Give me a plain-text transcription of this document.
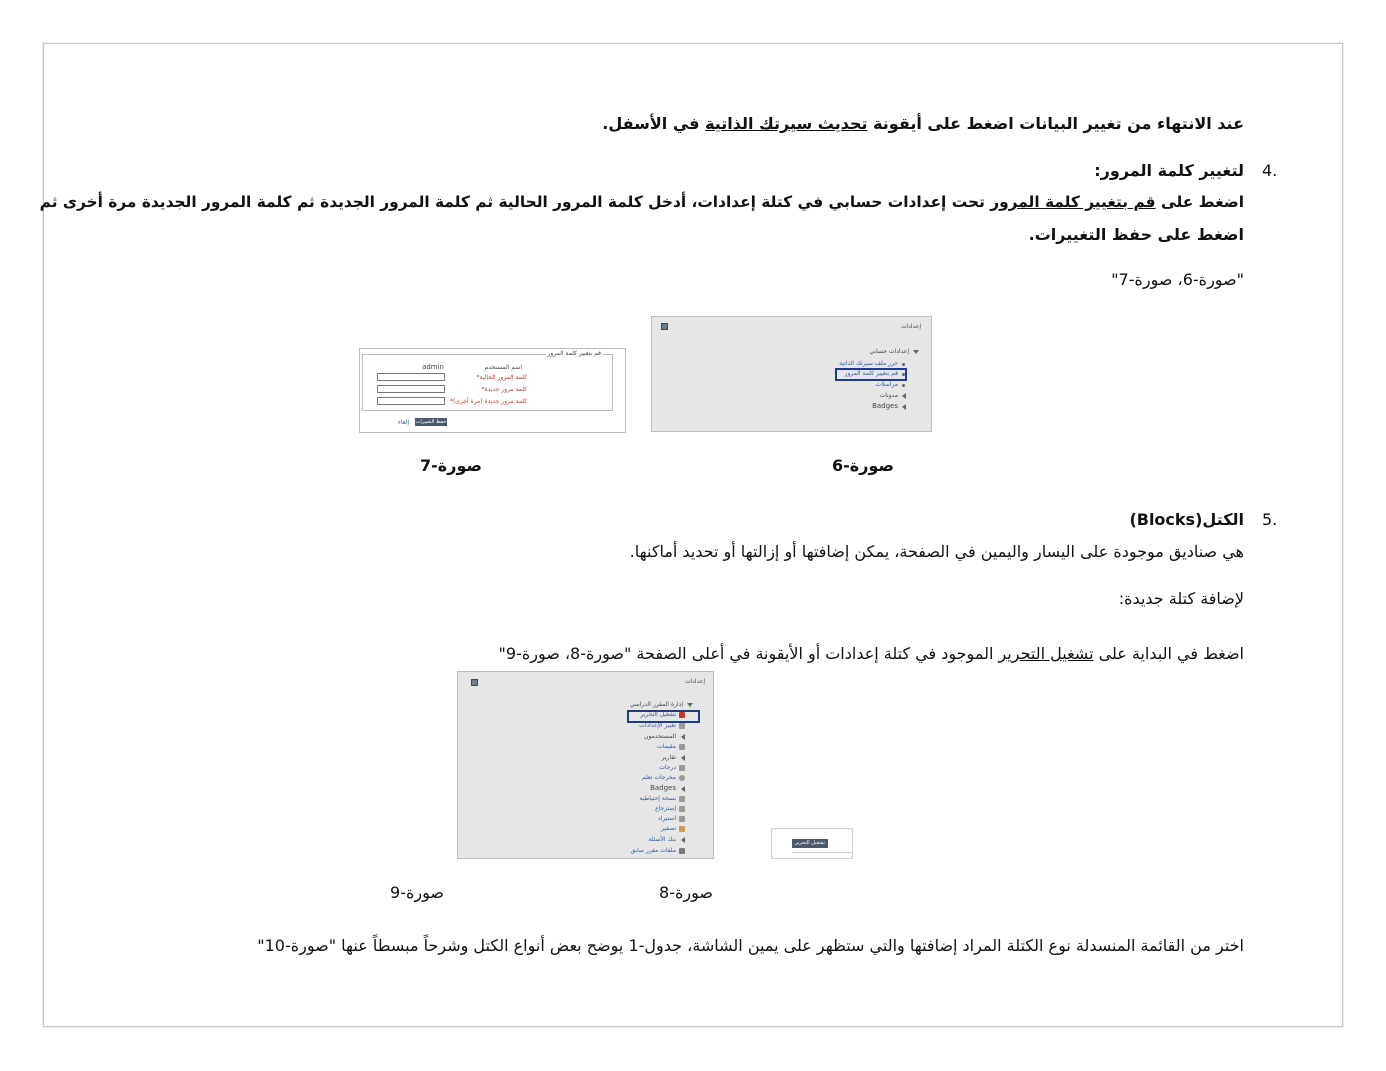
عند الانتهاء من تغيير البيانات اضغط على أيقونة تحديث سيرتك الذاتية في الأسفل.
4.
لتغيير كلمة المرور:
اضغط على قم بتغيير كلمة المرور تحت إعدادات حسابي في كتلة إعدادات، أدخل كلمة المرور الحالية ثم كلمة المرور الجديدة ثم كلمة المرور الجديدة مرة أخرى ثم
اضغط على حفظ التغييرات.
"صورة-6، صورة-7"
إعدادات
إعدادات حسابي
حرر ملف سيرتك الذاتية
قم بتغيير كلمة المرور
مراسلات
مدونات
Badges
صورة-6
قم بتغيير كلمة المرور
اسم المستخدم
admin
كلمة المرور الحالية*
كلمة مرور جديدة*
كلمة مرور جديدة (مرة أخرى)*
حفظ التغييرات
إلغاء
صورة-7
5.
الكتل(Blocks)
هي صناديق موجودة على اليسار واليمين في الصفحة، يمكن إضافتها أو إزالتها أو تحديد أماكنها.
لإضافة كتلة جديدة:
اضغط في البداية على تشغيل التحرير الموجود في كتلة إعدادات أو الأيقونة في أعلى الصفحة "صورة-8، صورة-9"
إعدادات
إدارة المقرر الدراسي
تشغيل التحرير
تغيير الإعدادات
المستخدمون
مقيمات
تقارير
درجات
مخرجات تعلم
Badges
نسخة إحتياطية
إسترجاع
استيراد
تصفير
بنك الأسئلة
ملفات مقرر سابق
صورة-8
تشغيل التحرير
صورة-9
اختر من القائمة المنسدلة نوع الكتلة المراد إضافتها والتي ستظهر على يمين الشاشة، جدول-1 يوضح بعض أنواع الكتل وشرحاً مبسطاً عنها "صورة-10"
